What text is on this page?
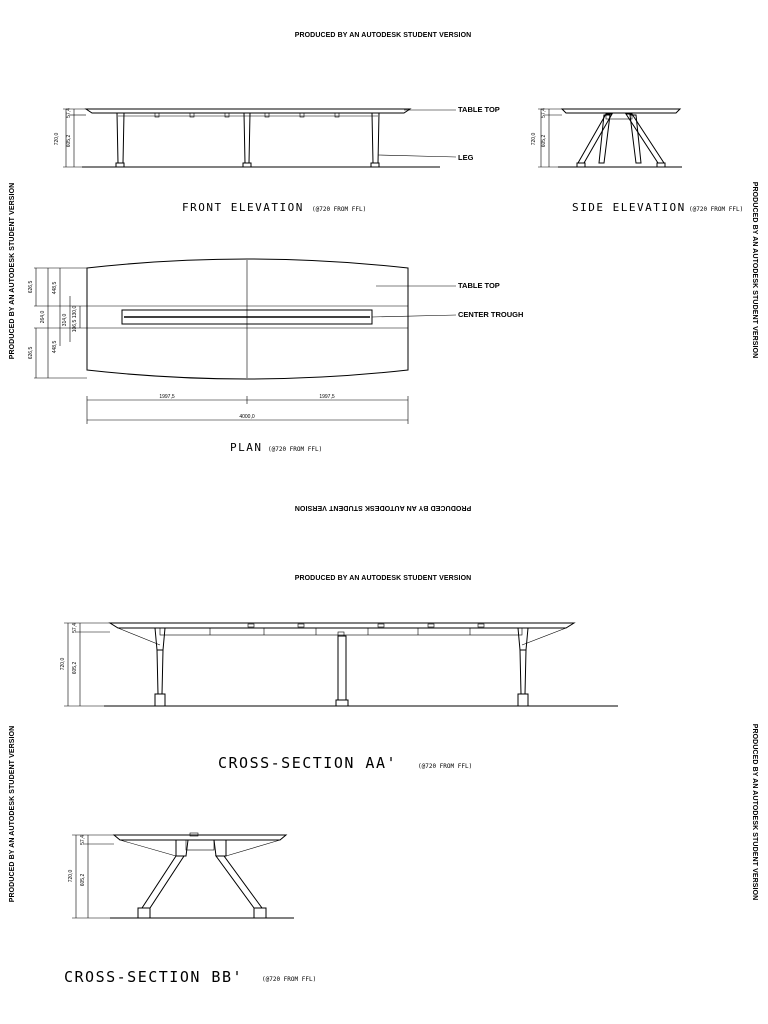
PRODUCED BY AN AUTODESK STUDENT VERSION
PRODUCED BY AN AUTODESK STUDENT VERSION
PRODUCED BY AN AUTODESK STUDENT VERSION
PRODUCED BY AN AUTODESK STUDENT VERSION
PRODUCED BY AN AUTODESK STUDENT VERSION
PRODUCED BY AN AUTODESK STUDENT VERSION
PRODUCED BY AN AUTODESK STUDENT VERSION
720,0 605,2
57,4	TABLE TOP
LEG
FRONT ELEVATION (@720 FROM FFL)
720,0 605,2
57,4
SIDE ELEVATION (@720 FROM FFL)
626,5
626,5
264,0
448,5
448,5
314,0
130,0
106,5
1997,5	1997,5
4000,0
TABLE TOP
CENTER TROUGH
PLAN (@720 FROM FFL)
720,0 605,2
57,4
CROSS-SECTION AA'	(@720 FROM FFL)
720,0 605,2
57,4
CROSS-SECTION BB'	(@720 FROM FFL)
